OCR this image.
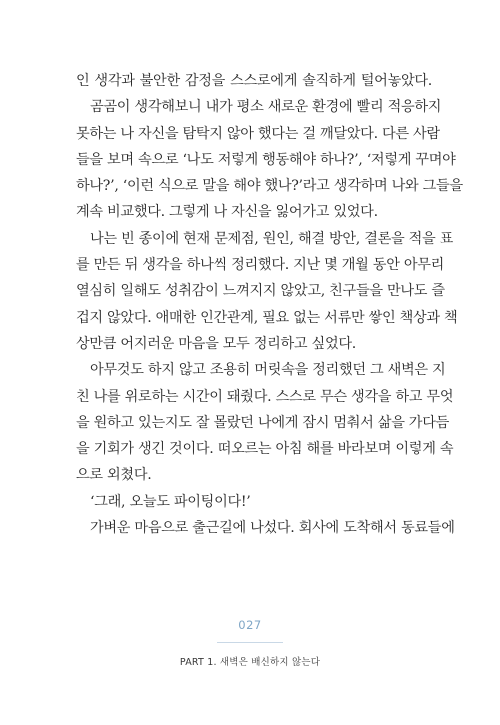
인 생각과 불안한 감정을 스스로에게 솔직하게 털어놓았다.
곰곰이 생각해보니 내가 평소 새로운 환경에 빨리 적응하지
못하는 나 자신을 탐탁지 않아 했다는 걸 깨달았다. 다른 사람
들을 보며 속으로 ‘나도 저렇게 행동해야 하나?’, ‘저렇게 꾸며야
하나?’, ‘이런 식으로 말을 해야 했나?’라고 생각하며 나와 그들을
계속 비교했다. 그렇게 나 자신을 잃어가고 있었다.
나는 빈 종이에 현재 문제점, 원인, 해결 방안, 결론을 적을 표
를 만든 뒤 생각을 하나씩 정리했다. 지난 몇 개월 동안 아무리
열심히 일해도 성취감이 느껴지지 않았고, 친구들을 만나도 즐
겁지 않았다. 애매한 인간관계, 필요 없는 서류만 쌓인 책상과 책
상만큼 어지러운 마음을 모두 정리하고 싶었다.
아무것도 하지 않고 조용히 머릿속을 정리했던 그 새벽은 지
친 나를 위로하는 시간이 돼줬다. 스스로 무슨 생각을 하고 무엇
을 원하고 있는지도 잘 몰랐던 나에게 잠시 멈춰서 삶을 가다듬
을 기회가 생긴 것이다. 떠오르는 아침 해를 바라보며 이렇게 속
으로 외쳤다.
‘그래, 오늘도 파이팅이다!’
가벼운 마음으로 출근길에 나섰다. 회사에 도착해서 동료들에
027
PART 1. 새벽은 배신하지 않는다
